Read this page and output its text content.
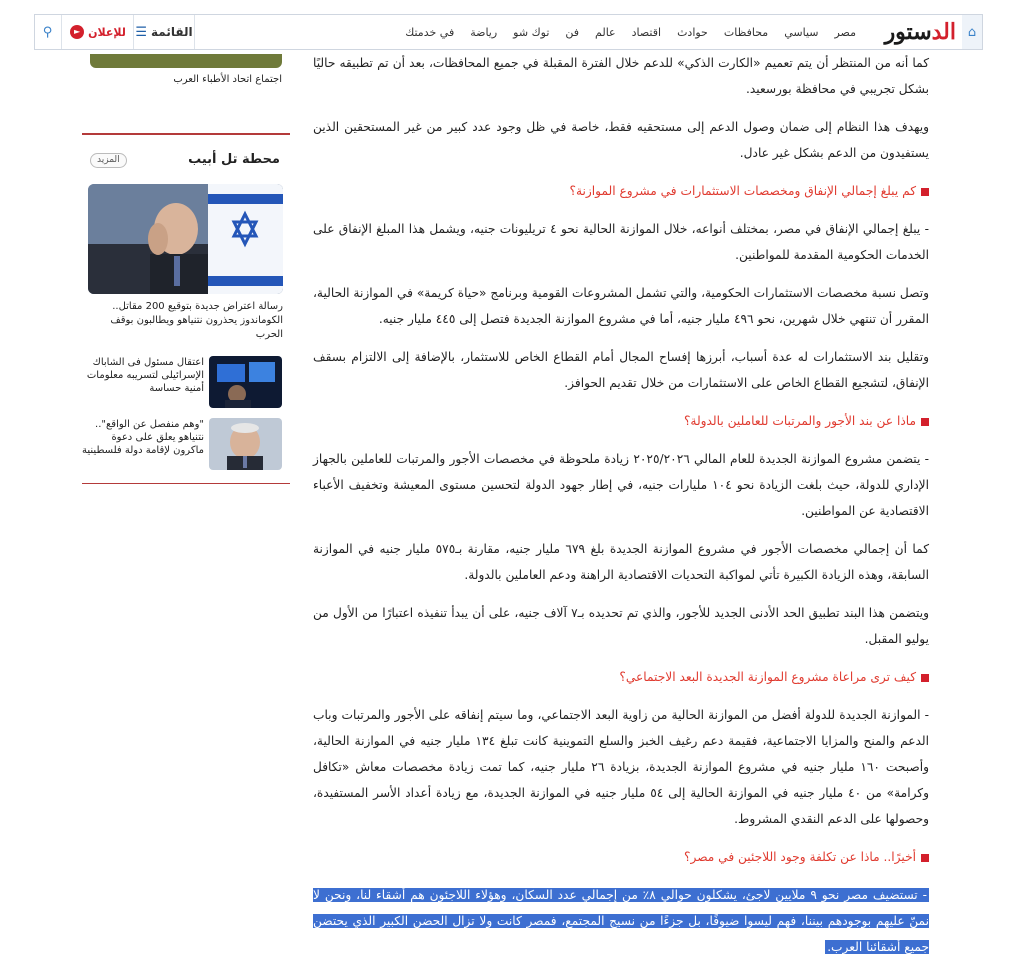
⌂
الد
ستور
مصر
سياسي
محافظات
حوادث
اقتصاد
عالم
فن
توك شو
رياضة
في خدمتك
☰ القائمة
► للإعلان
⚲
اجتماع اتحاد الأطباء العرب
محطة تل أبيب
المزيد
رسالة اعتراض جديدة بتوقيع 200 مقاتل.. الكوماندوز يحذرون نتنياهو ويطالبون بوقف الحرب
اعتقال مسئول فى الشاباك الإسرائيلى لتسريبه معلومات أمنية حساسة
"وهم منفصل عن الواقع".. نتنياهو يعلق على دعوة ماكرون لإقامة دولة فلسطينية

كما أنه من المنتظر أن يتم تعميم «الكارت الذكي» للدعم خلال الفترة المقبلة في جميع المحافظات، بعد أن تم تطبيقه حاليًا بشكل تجريبي في محافظة بورسعيد.

ويهدف هذا النظام إلى ضمان وصول الدعم إلى مستحقيه فقط، خاصة في ظل وجود عدد كبير من غير المستحقين الذين يستفيدون من الدعم بشكل غير عادل.

كم يبلغ إجمالي الإنفاق ومخصصات الاستثمارات في مشروع الموازنة؟

- يبلغ إجمالي الإنفاق في مصر، بمختلف أنواعه، خلال الموازنة الحالية نحو ٤ تريليونات جنيه، ويشمل هذا المبلغ الإنفاق على الخدمات الحكومية المقدمة للمواطنين.

وتصل نسبة مخصصات الاستثمارات الحكومية، والتي تشمل المشروعات القومية وبرنامج «حياة كريمة» في الموازنة الحالية، المقرر أن تنتهي خلال شهرين، نحو ٤٩٦ مليار جنيه، أما في مشروع الموازنة الجديدة فتصل إلى ٤٤٥ مليار جنيه.

وتقليل بند الاستثمارات له عدة أسباب، أبرزها إفساح المجال أمام القطاع الخاص للاستثمار، بالإضافة إلى الالتزام بسقف الإنفاق، لتشجيع القطاع الخاص على الاستثمارات من خلال تقديم الحوافز.

ماذا عن بند الأجور والمرتبات للعاملين بالدولة؟

- يتضمن مشروع الموازنة الجديدة للعام المالي ٢٠٢٥/٢٠٢٦ زيادة ملحوظة في مخصصات الأجور والمرتبات للعاملين بالجهاز الإداري للدولة، حيث بلغت الزيادة نحو ١٠٤ مليارات جنيه، في إطار جهود الدولة لتحسين مستوى المعيشة وتخفيف الأعباء الاقتصادية عن المواطنين.

كما أن إجمالي مخصصات الأجور في مشروع الموازنة الجديدة بلغ ٦٧٩ مليار جنيه، مقارنة بـ٥٧٥ مليار جنيه في الموازنة السابقة، وهذه الزيادة الكبيرة تأتي لمواكبة التحديات الاقتصادية الراهنة ودعم العاملين بالدولة.

ويتضمن هذا البند تطبيق الحد الأدنى الجديد للأجور، والذي تم تحديده بـ٧ آلاف جنيه، على أن يبدأ تنفيذه اعتبارًا من الأول من يوليو المقبل.

كيف ترى مراعاة مشروع الموازنة الجديدة البعد الاجتماعي؟

- الموازنة الجديدة للدولة أفضل من الموازنة الحالية من زاوية البعد الاجتماعي، وما سيتم إنفاقه على الأجور والمرتبات وباب الدعم والمنح والمزايا الاجتماعية، فقيمة دعم رغيف الخبز والسلع التموينية كانت تبلغ ١٣٤ مليار جنيه في الموازنة الحالية، وأصبحت ١٦٠ مليار جنيه في مشروع الموازنة الجديدة، بزيادة ٢٦ مليار جنيه، كما تمت زيادة مخصصات معاش «تكافل وكرامة» من ٤٠ مليار جنيه في الموازنة الحالية إلى ٥٤ مليار جنيه في الموازنة الجديدة، مع زيادة أعداد الأسر المستفيدة، وحصولها على الدعم النقدي المشروط.

أخيرًا.. ماذا عن تكلفة وجود اللاجئين في مصر؟

- تستضيف مصر نحو ٩ ملايين لاجئ، يشكلون حوالي ٨٪ من إجمالي عدد السكان، وهؤلاء اللاجئون هم أشقاء لنا، ونحن لا نمنّ عليهم بوجودهم بيننا، فهم ليسوا ضيوفًا، بل جزءًا من نسيج المجتمع، فمصر كانت ولا تزال الحضن الكبير الذي يحتضن جميع أشقائنا العرب.
